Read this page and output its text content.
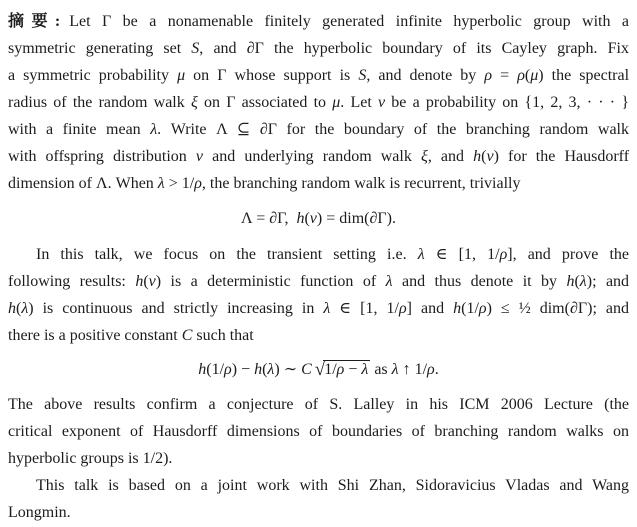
摘要: Let Γ be a nonamenable finitely generated infinite hyperbolic group with a
symmetric generating set S, and ∂Γ the hyperbolic boundary of its Cayley graph. Fix
a symmetric probability μ on Γ whose support is S, and denote by ρ = ρ(μ) the spectral
radius of the random walk ξ on Γ associated to μ. Let ν be a probability on {1, 2, 3, · · · }
with a finite mean λ. Write Λ ⊆ ∂Γ for the boundary of the branching random walk
with offspring distribution ν and underlying random walk ξ, and h(ν) for the Hausdorff
dimension of Λ. When λ > 1/ρ, the branching random walk is recurrent, trivially
Λ = ∂Γ, h(ν) = dim(∂Γ).
In this talk, we focus on the transient setting i.e. λ ∈ [1, 1/ρ], and prove the
following results: h(ν) is a deterministic function of λ and thus denote it by h(λ); and
h(λ) is continuous and strictly increasing in λ ∈ [1, 1/ρ] and h(1/ρ) ≤ ½ dim(∂Γ); and
there is a positive constant C such that
h(1/ρ) − h(λ) ∼ C √1/ρ − λ as λ ↑ 1/ρ.
The above results confirm a conjecture of S. Lalley in his ICM 2006 Lecture (the
critical exponent of Hausdorff dimensions of boundaries of branching random walks on
hyperbolic groups is 1/2).
This talk is based on a joint work with Shi Zhan, Sidoravicius Vladas and Wang
Longmin.
